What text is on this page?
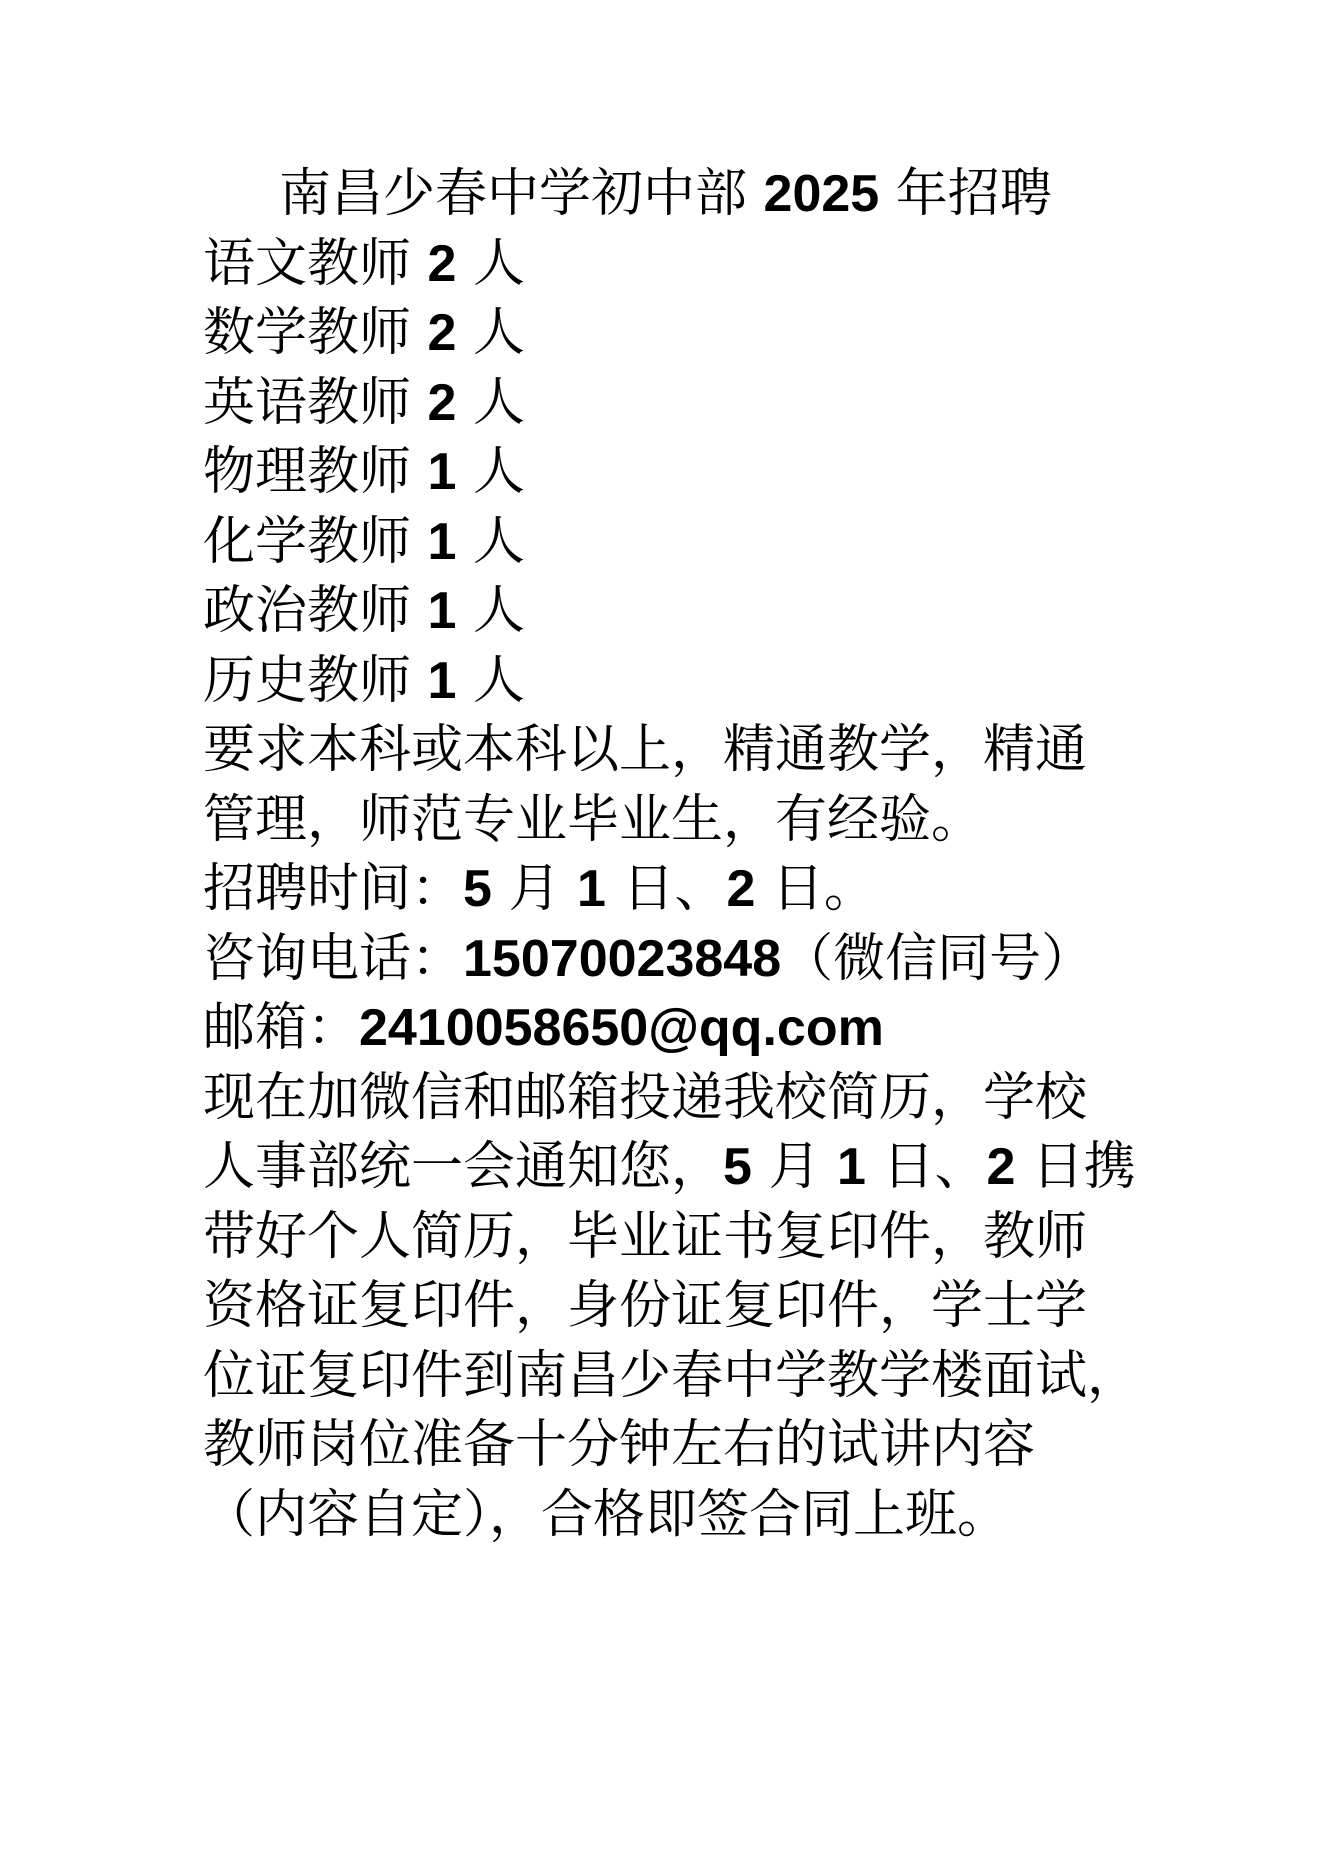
南昌少春中学初中部 2025 年招聘
语文教师 2 人
数学教师 2 人
英语教师 2 人
物理教师 1 人
化学教师 1 人
政治教师 1 人
历史教师 1 人
要求本科或本科以上，精通教学，精通
管理，师范专业毕业生，有经验。
招聘时间：5 月 1 日、2 日。
咨询电话：15070023848（微信同号）
邮箱：2410058650@qq.com
现在加微信和邮箱投递我校简历，学校
人事部统一会通知您，5 月 1 日、2 日携
带好个人简历，毕业证书复印件，教师
资格证复印件，身份证复印件，学士学
位证复印件到南昌少春中学教学楼面试，
教师岗位准备十分钟左右的试讲内容
（内容自定），合格即签合同上班。
